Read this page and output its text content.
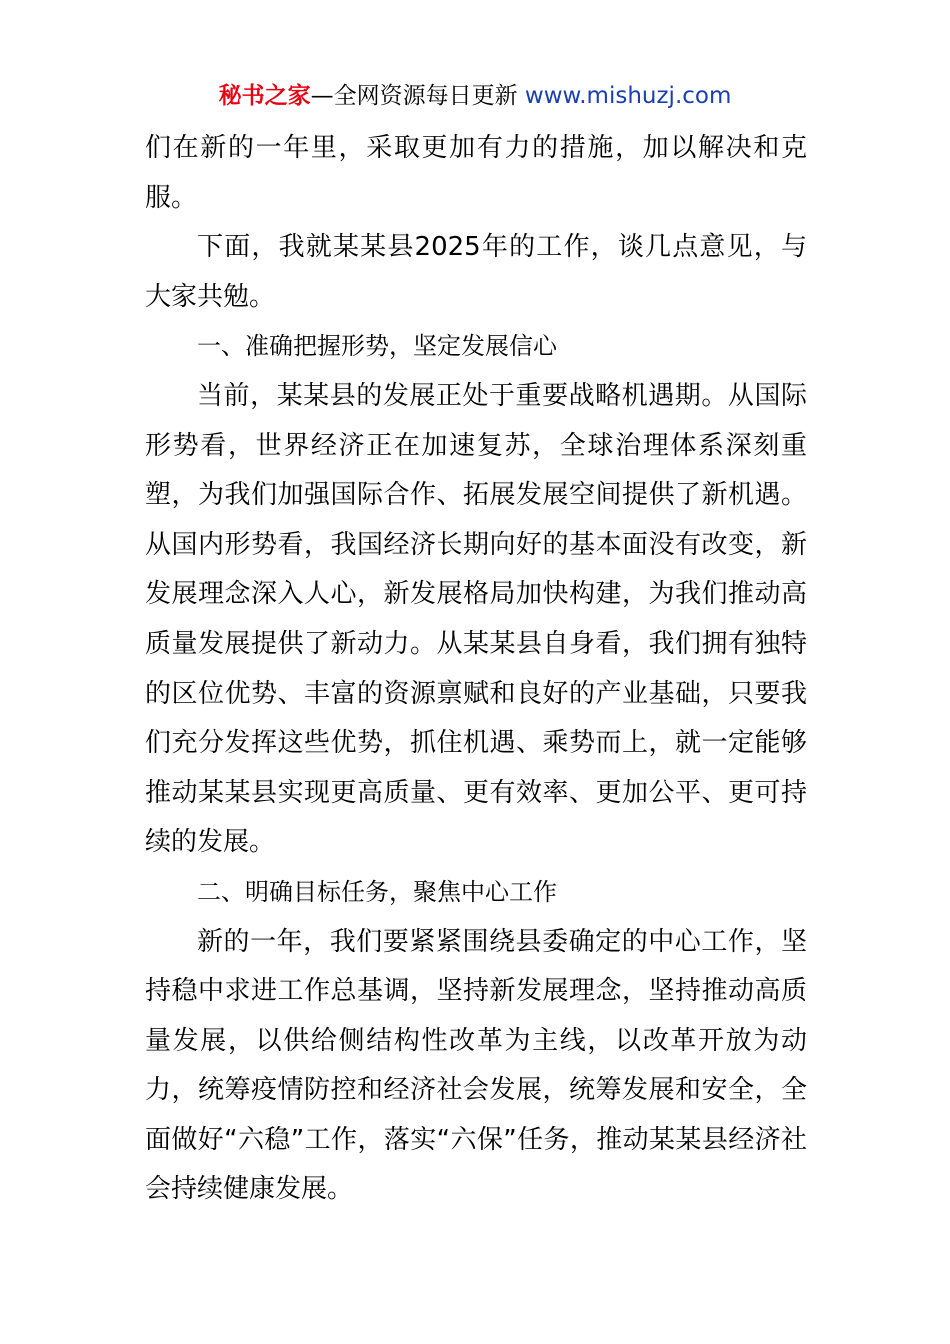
秘书之家—全网资源每日更新 www.mishuzj.com

们在新的一年里，采取更加有力的措施，加以解决和克服。

下面，我就某某县2025年的工作，谈几点意见，与大家共勉。

一、准确把握形势，坚定发展信心

当前，某某县的发展正处于重要战略机遇期。从国际形势看，世界经济正在加速复苏，全球治理体系深刻重塑，为我们加强国际合作、拓展发展空间提供了新机遇。从国内形势看，我国经济长期向好的基本面没有改变，新发展理念深入人心，新发展格局加快构建，为我们推动高质量发展提供了新动力。从某某县自身看，我们拥有独特的区位优势、丰富的资源禀赋和良好的产业基础，只要我们充分发挥这些优势，抓住机遇、乘势而上，就一定能够推动某某县实现更高质量、更有效率、更加公平、更可持续的发展。

二、明确目标任务，聚焦中心工作

新的一年，我们要紧紧围绕县委确定的中心工作，坚持稳中求进工作总基调，坚持新发展理念，坚持推动高质量发展，以供给侧结构性改革为主线，以改革开放为动力，统筹疫情防控和经济社会发展，统筹发展和安全，全面做好“六稳”工作，落实“六保”任务，推动某某县经济社会持续健康发展。
